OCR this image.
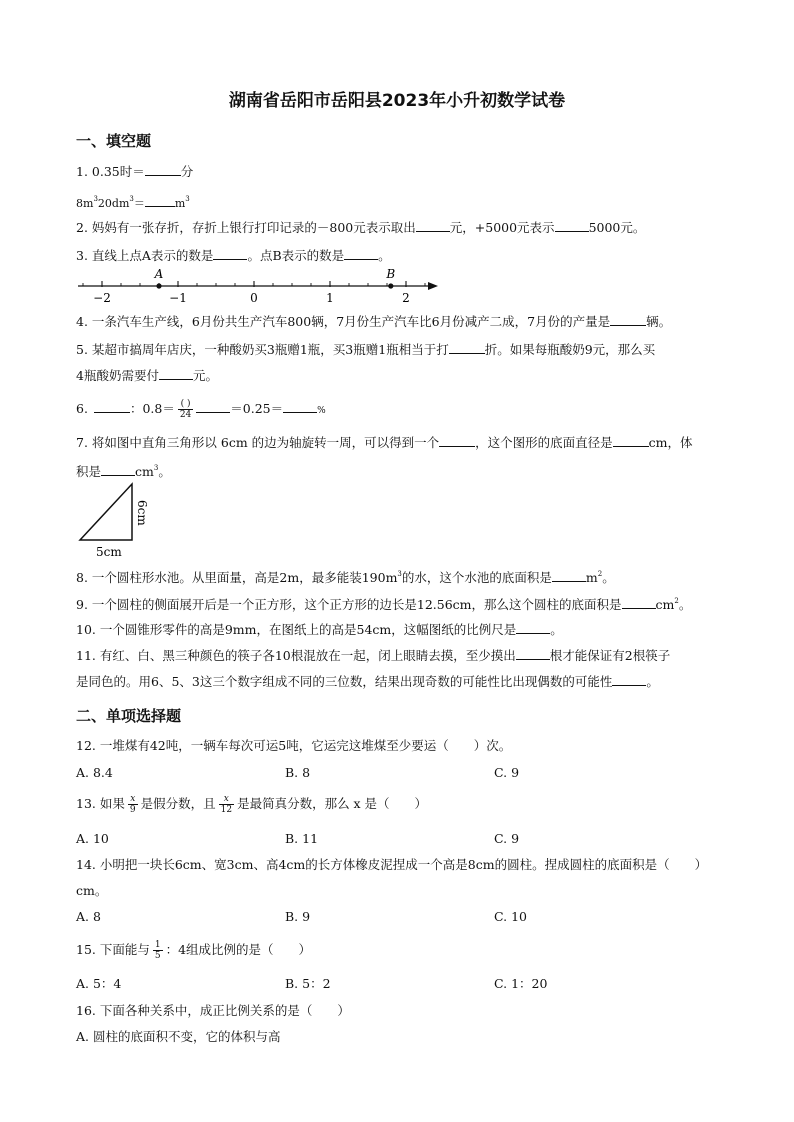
湖南省岳阳市岳阳县2023年小升初数学试卷
一、填空题
1. 0.35时＝	分
$8m^320dm^3=$	$m^3$
2. 妈妈有一张存折，存折上银行打印记录的－800元表示取出	元，+5000元表示	5000元。
3. 直线上点A表示的数是	。点B表示的数是	。
−2	−1	0	1	2
A	B
4. 一条汽车生产线，6月份共生产汽车800辆，7月份生产汽车比6月份减产二成，7月份的产量是	辆。
5. 某超市搞周年店庆，一种酸奶买3瓶赠1瓶，买3瓶赠1瓶相当于打	折。如果每瓶酸奶9元，那么买
4瓶酸奶需要付	元。
6.	：$0.8= \frac{( )}{24}$	＝0.25＝	%
7. 将如图中直角三角形以 6cm 的边为轴旋转一周，可以得到一个	，这个图形的底面直径是	cm，体
积是	$cm^3$。
6cm
5cm
8. 一个圆柱形水池。从里面量，高是2m，最多能装$190m^3$的水，这个水池的底面积是	$m^2$。
9. 一个圆柱的侧面展开后是一个正方形，这个正方形的边长是12.56cm，那么这个圆柱的底面积是	$cm^2$。
10. 一个圆锥形零件的高是9mm，在图纸上的高是54cm，这幅图纸的比例尺是	。
11. 有红、白、黑三种颜色的筷子各10根混放在一起，闭上眼睛去摸，至少摸出	根才能保证有2根筷子
是同色的。用6、5、3这三个数字组成不同的三位数，结果出现奇数的可能性比出现偶数的可能性	。
二、单项选择题
12. 一堆煤有42吨，一辆车每次可运5吨，它运完这堆煤至少要运（　　）次。
A. 8.4	B. 8	C. 9
13. 如果 $\frac{x}{9}$ 是假分数，且 $\frac{x}{12}$ 是最简真分数，那么 x 是（　　）
A. 10	B. 11	C. 9
14. 小明把一块长6cm、宽3cm、高4cm的长方体橡皮泥捏成一个高是8cm的圆柱。捏成圆柱的底面积是（　　）
cm。
A. 8	B. 9	C. 10
15. 下面能与 $\frac{1}{5}$ ：4组成比例的是（　　）
A. 5：4	B. 5：2	C. 1：20
16. 下面各种关系中，成正比例关系的是（　　）
A. 圆柱的底面积不变，它的体积与高
